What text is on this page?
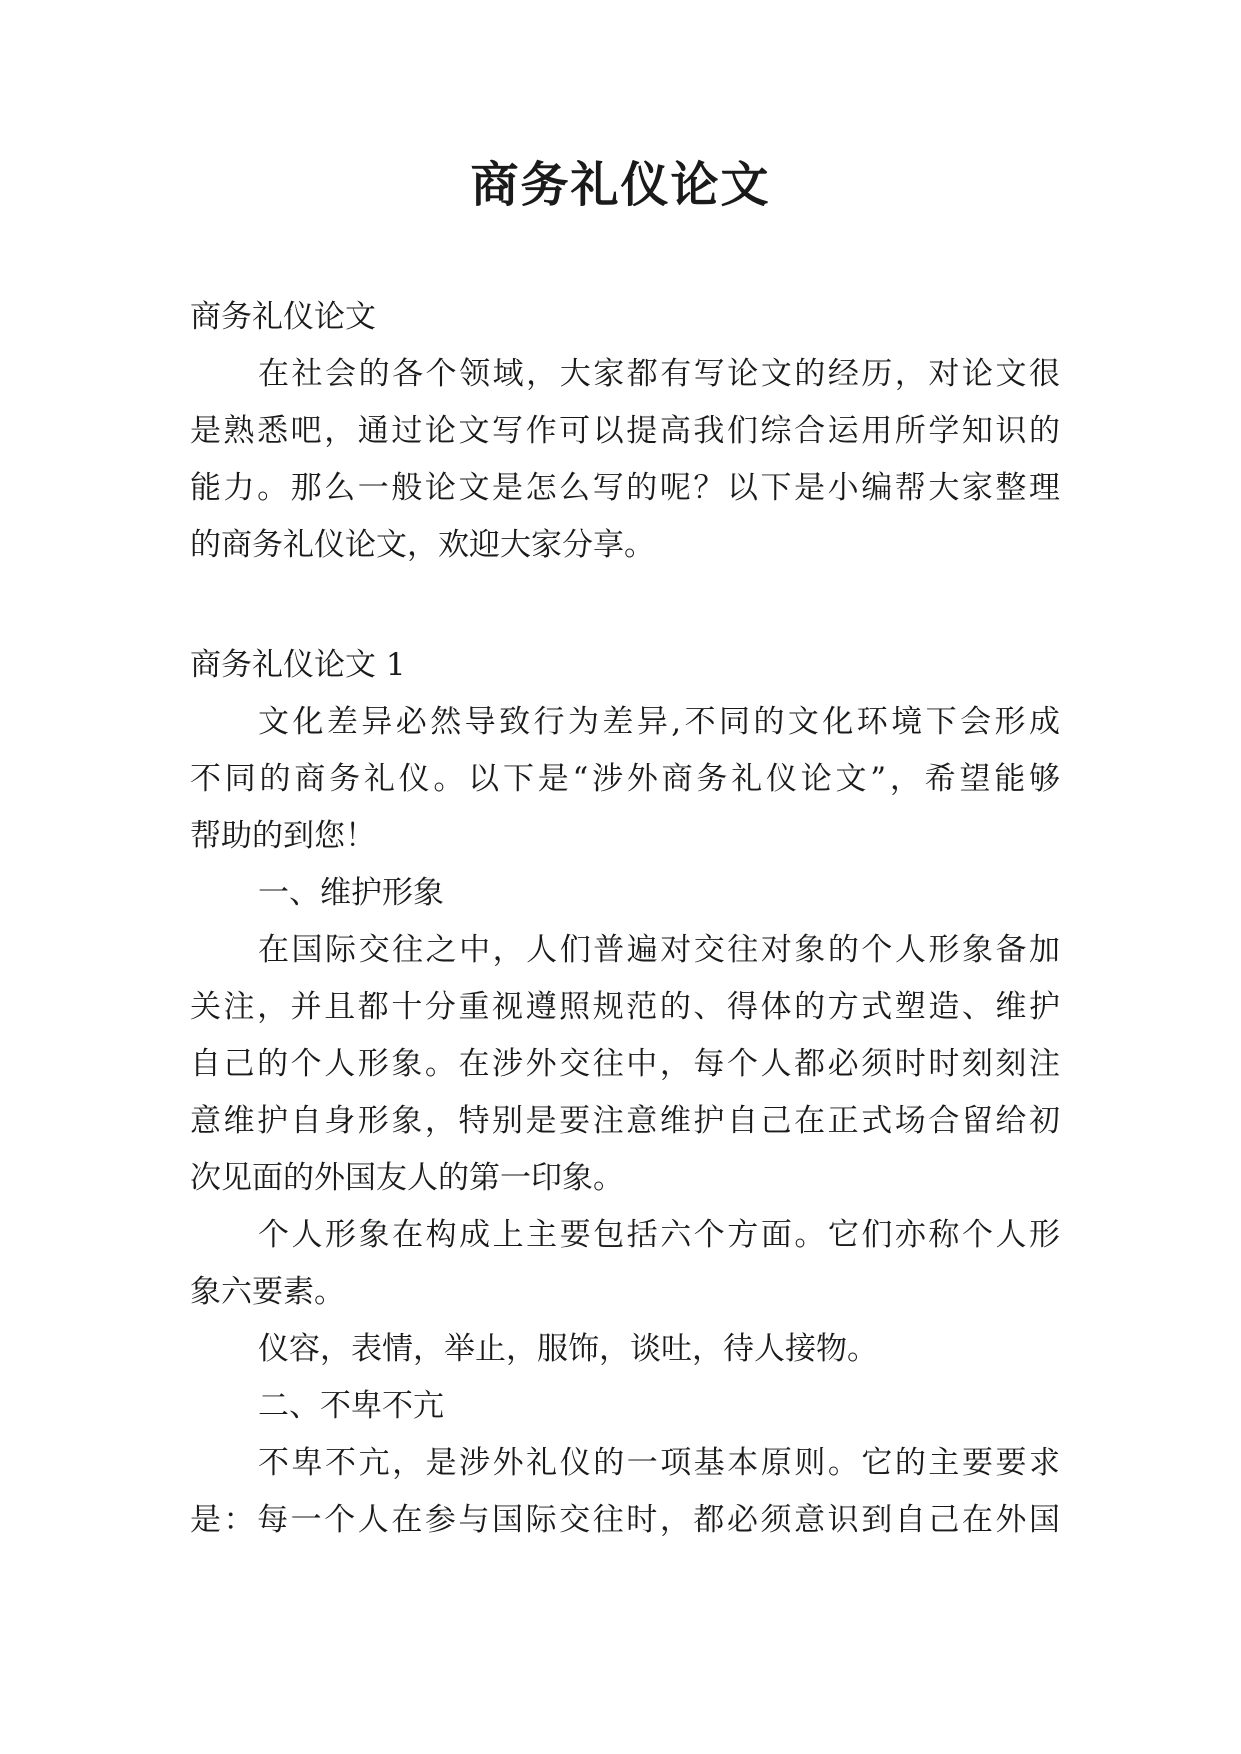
商务礼仪论文

商务礼仪论文

在社会的各个领域，大家都有写论文的经历，对论文很

是熟悉吧，通过论文写作可以提高我们综合运用所学知识的

能力。那么一般论文是怎么写的呢？以下是小编帮大家整理

的商务礼仪论文，欢迎大家分享。

商务礼仪论文 1

文化差异必然导致行为差异,不同的文化环境下会形成

不同的商务礼仪。以下是“涉外商务礼仪论文”，希望能够

帮助的到您！

一、维护形象

在国际交往之中，人们普遍对交往对象的个人形象备加

关注，并且都十分重视遵照规范的、得体的方式塑造、维护

自己的个人形象。在涉外交往中，每个人都必须时时刻刻注

意维护自身形象，特别是要注意维护自己在正式场合留给初

次见面的外国友人的第一印象。

个人形象在构成上主要包括六个方面。它们亦称个人形

象六要素。

仪容，表情，举止，服饰，谈吐，待人接物。

二、不卑不亢

不卑不亢，是涉外礼仪的一项基本原则。它的主要要求

是：每一个人在参与国际交往时，都必须意识到自己在外国
